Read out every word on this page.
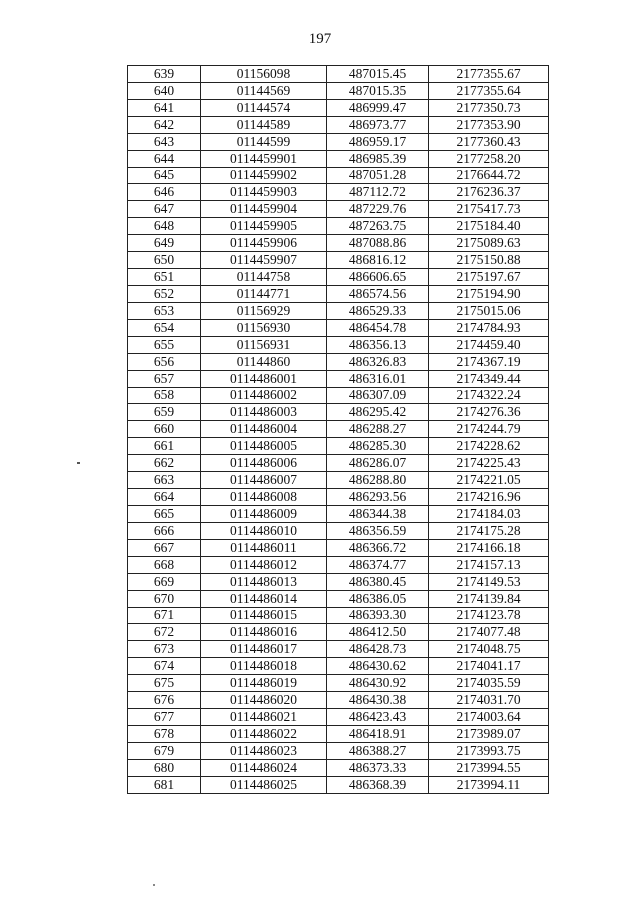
197
639	01156098	487015.45	2177355.67
640	01144569	487015.35	2177355.64
641	01144574	486999.47	2177350.73
642	01144589	486973.77	2177353.90
643	01144599	486959.17	2177360.43
644	0114459901	486985.39	2177258.20
645	0114459902	487051.28	2176644.72
646	0114459903	487112.72	2176236.37
647	0114459904	487229.76	2175417.73
648	0114459905	487263.75	2175184.40
649	0114459906	487088.86	2175089.63
650	0114459907	486816.12	2175150.88
651	01144758	486606.65	2175197.67
652	01144771	486574.56	2175194.90
653	01156929	486529.33	2175015.06
654	01156930	486454.78	2174784.93
655	01156931	486356.13	2174459.40
656	01144860	486326.83	2174367.19
657	0114486001	486316.01	2174349.44
658	0114486002	486307.09	2174322.24
659	0114486003	486295.42	2174276.36
660	0114486004	486288.27	2174244.79
661	0114486005	486285.30	2174228.62
662	0114486006	486286.07	2174225.43
663	0114486007	486288.80	2174221.05
664	0114486008	486293.56	2174216.96
665	0114486009	486344.38	2174184.03
666	0114486010	486356.59	2174175.28
667	0114486011	486366.72	2174166.18
668	0114486012	486374.77	2174157.13
669	0114486013	486380.45	2174149.53
670	0114486014	486386.05	2174139.84
671	0114486015	486393.30	2174123.78
672	0114486016	486412.50	2174077.48
673	0114486017	486428.73	2174048.75
674	0114486018	486430.62	2174041.17
675	0114486019	486430.92	2174035.59
676	0114486020	486430.38	2174031.70
677	0114486021	486423.43	2174003.64
678	0114486022	486418.91	2173989.07
679	0114486023	486388.27	2173993.75
680	0114486024	486373.33	2173994.55
681	0114486025	486368.39	2173994.11
